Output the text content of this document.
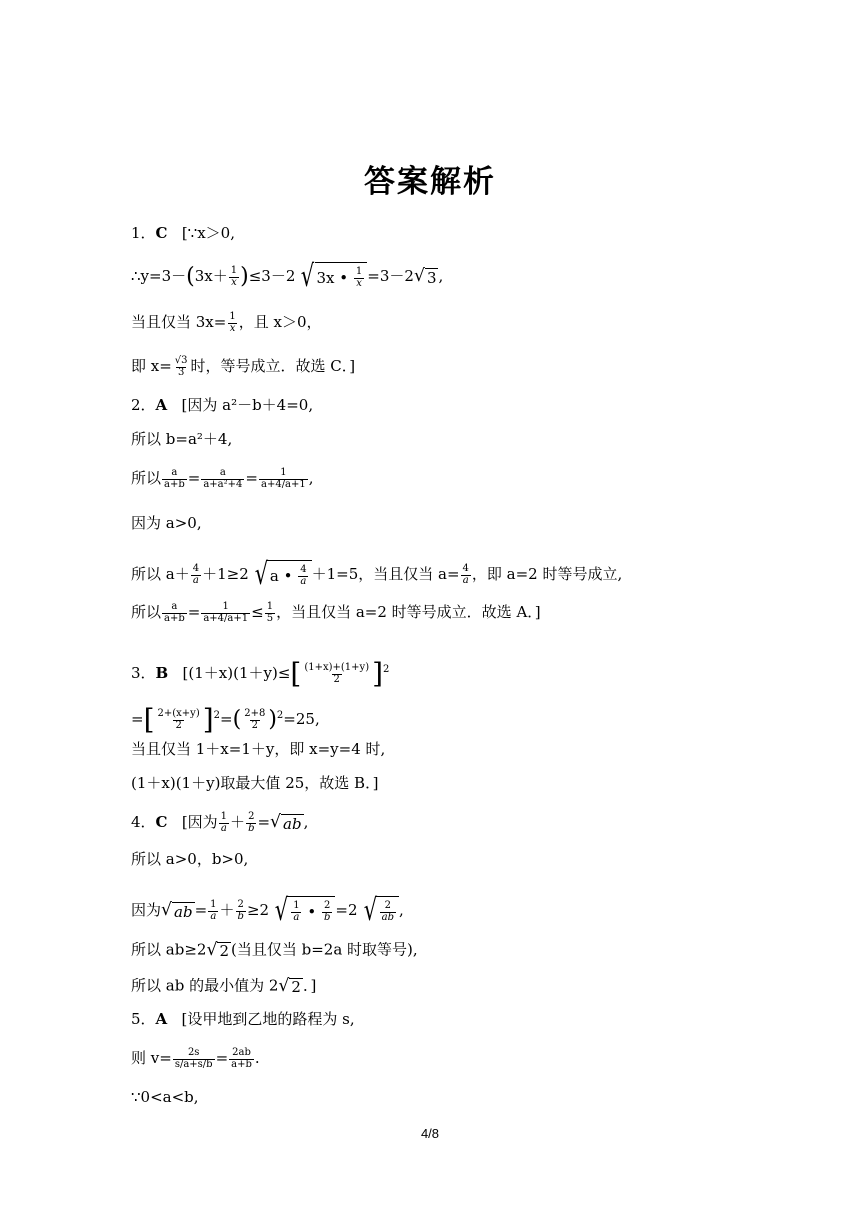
答案解析
1．C [∵x＞0,
∴y=3－(3x＋ $\frac{1}{x} )\le 3-2$ √ 3x •
$\frac{1}{x} =3-2$ √ 3 ,
当且仅当 $3x= \frac{1}{x}$ ，且 x＞0，
即 $x= \frac{√3}{3}$ 时，等号成立．故选 C．]
2．A [因为 a²－b＋4=0,
所以 b=a²＋4,
所以 $\frac{a}{a+b} = \frac{a}{\text{a+a²+4}} = \frac{1}{a+4/a+1}$ ,
因为 a>0,
所以 $a+ \frac{4}{a} +1\ge 2$ √ a •
$\frac{4}{a} +1=5$，当且仅当 $a= \frac{4}{a}$ ，即 a=2 时等号成立,
所以 $\frac{a}{a+b} = \frac{1}{a+4/a+1} \le \frac{1}{5}$ ，当且仅当 a=2 时等号成立．故选 A．]
3．B [$(1+x)(1+y)\le[ \frac{(1+x)+(1+y)}{2} ]^2$
=[ $\frac{2+(x+y)}{2} ]^2=( \frac{2+8}{2} )^2=25$,
当且仅当 1＋x=1＋y，即 x=y=4 时,
(1＋x)(1＋y)取最大值 25，故选 B．]
4．C [因为 $\frac{1}{a} + \frac{2}{b}$ = √ ab ,
所以 a>0，b>0,
因为 √ ab = $\frac{1}{a} + \frac{2}{b} \ge 2$ √ $\frac{1}{a}$
•
$\frac{2}{b} =2$ √ $\frac{2}{ab}$ ,
所以 ab≥2 √ 2 (当且仅当 b=2a 时取等号),
所以 ab 的最小值为 2 √ 2 ．]
5．A [设甲地到乙地的路程为 s,
则 $v= \frac{2s}{s/a+s/b} = \frac{2ab}{a+b}$ .
∵0<a<b,
4/8
